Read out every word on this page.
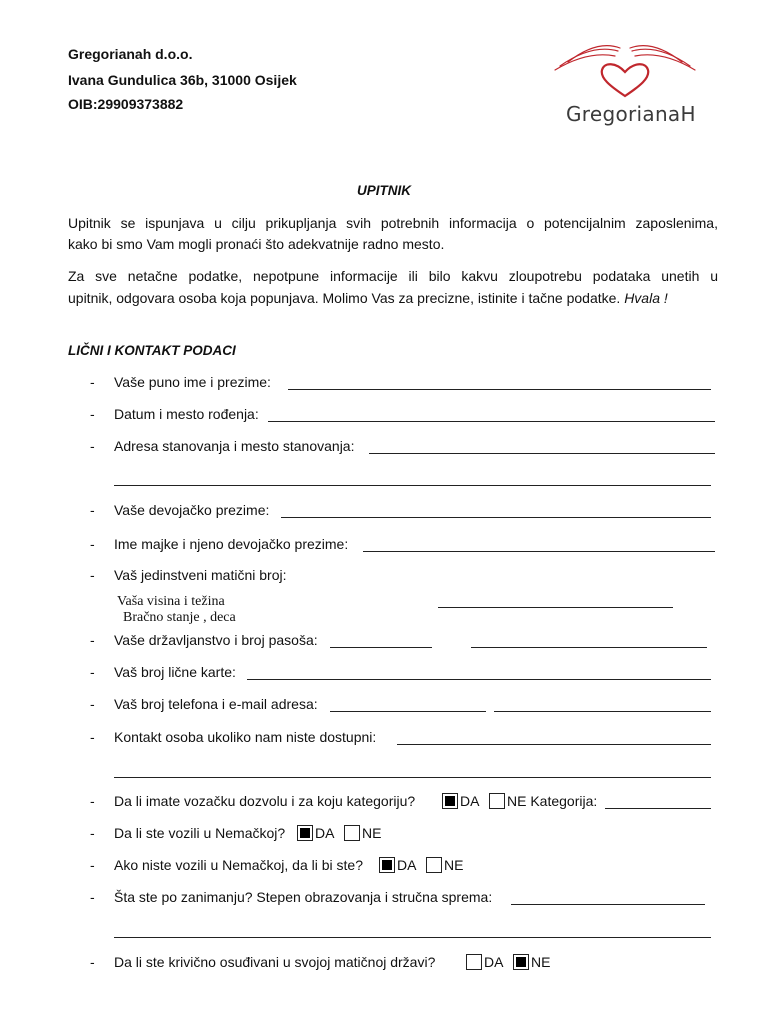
Gregorianah d.o.o.
Ivana Gundulica 36b, 31000 Osijek
OIB:29909373882	GregorianaH
UPITNIK
Upitnik se ispunjava u cilju prikupljanja svih potrebnih informacija o potencijalnim zaposlenima,
kako bi smo Vam mogli pronaći što adekvatnije radno mesto.
Za sve netačne podatke, nepotpune informacije ili bilo kakvu zloupotrebu podataka unetih u
upitnik, odgovara osoba koja popunjava. Molimo Vas za precizne, istinite i tačne podatke. Hvala !
LIČNI I KONTAKT PODACI
- Vaše puno ime i prezime:
- Datum i mesto rođenja:
- Adresa stanovanja i mesto stanovanja:
- Vaše devojačko prezime:
- Ime majke i njeno devojačko prezime:
- Vaš jedinstveni matični broj:
Vaša visina i težina
Bračno stanje , deca
- Vaše državljanstvo i broj pasoša:
- Vaš broj lične karte:
- Vaš broj telefona i e-mail adresa:
- Kontakt osoba ukoliko nam niste dostupni:
- Da li imate vozačku dozvolu i za koju kategoriju?	DA NE Kategorija:
- Da li ste vozili u Nemačkoj? DA NE
- Ako niste vozili u Nemačkoj, da li bi ste? DA NE
- Šta ste po zanimanju? Stepen obrazovanja i stručna sprema:
- Da li ste krivično osuđivani u svojoj matičnoj državi?	DA NE
